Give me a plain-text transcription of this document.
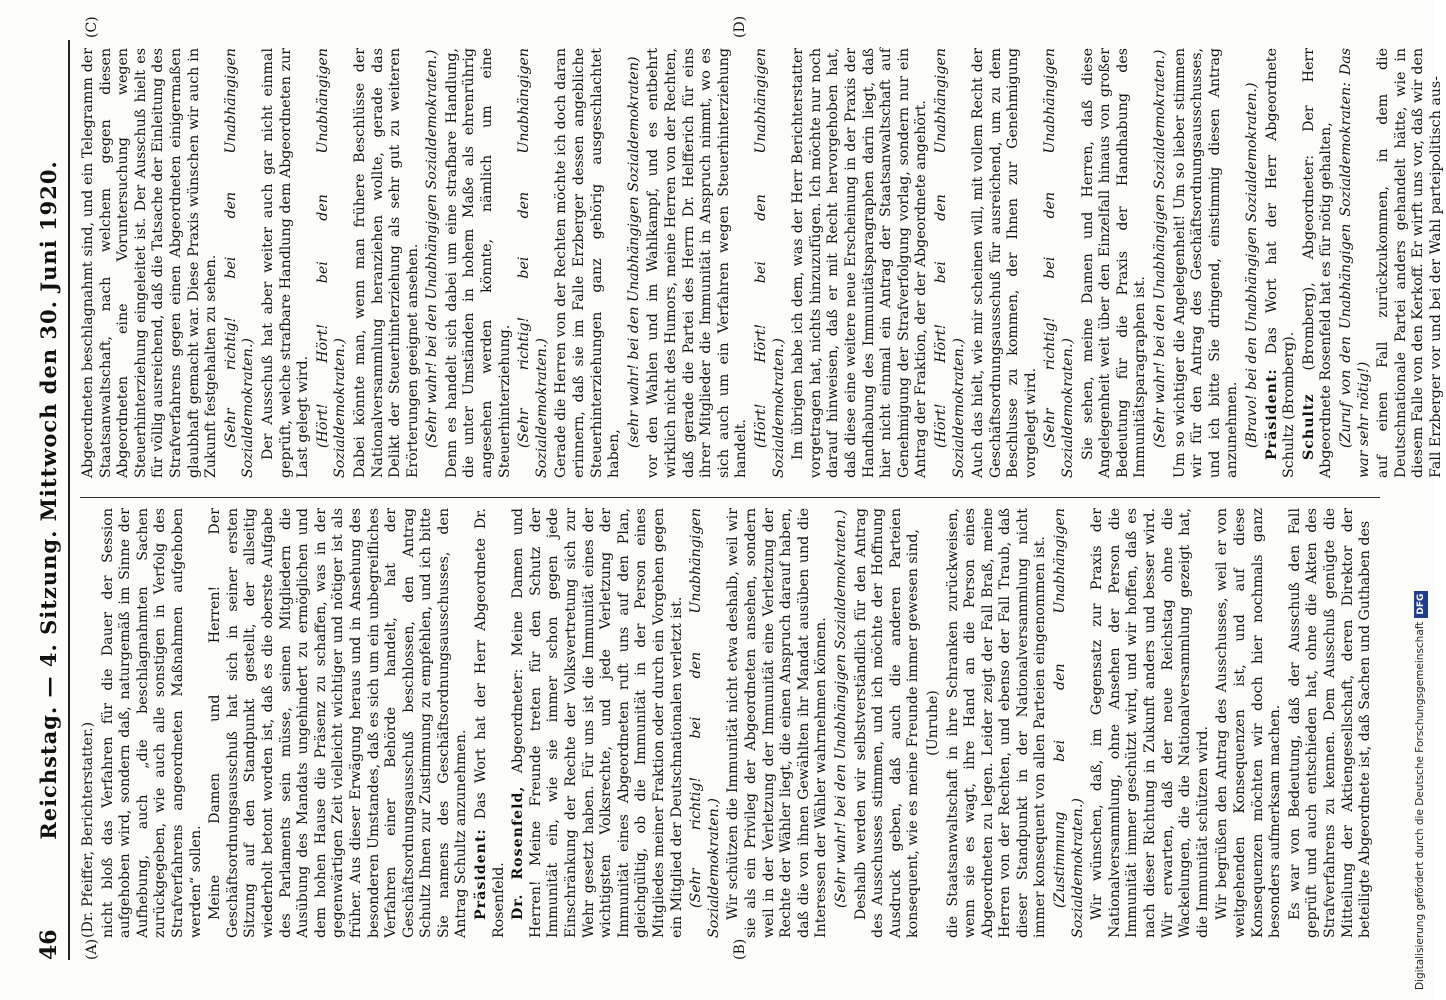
46
Reichstag. — 4. Sitzung. Mittwoch den 30. Juni 1920.
(A)	(B)
(C)	(D)

(Dr. Pfeiffer, Berichterstatter.) nicht bloß das Verfahren für die Dauer der Session aufgehoben wird, sondern daß, naturgemäß im Sinne der Aufhebung, auch „die beschlagnahmten Sachen zurückgegeben, wie auch alle sonstigen in Verfolg des Strafverfahrens angeordneten Maßnahmen aufgehoben werden“ sollen. Meine Damen und Herren! Der Geschäftsordnungsausschuß hat sich in seiner ersten Sitzung auf den Standpunkt gestellt, der allseitig wiederholt betont worden ist, daß es die oberste Aufgabe des Parlaments sein müsse, seinen Mitgliedern die Ausübung des Mandats ungehindert zu ermöglichen und dem hohen Hause die Präsenz zu schaffen, was in der gegenwärtigen Zeit vielleicht wichtiger und nötiger ist als früher. Aus dieser Erwägung heraus und in Ansehung des besonderen Umstandes, daß es sich um ein unbegreifliches Verfahren einer Behörde handelt, hat der Geschäftsordnungsausschuß beschlossen, den Antrag Schultz Ihnen zur Zustimmung zu empfehlen, und ich bitte Sie namens des Geschäftsordnungsausschusses, den Antrag Schultz anzunehmen. Präsident: Das Wort hat der Herr Abgeordnete Dr. Rosenfeld. Dr. Rosenfeld, Abgeordneter: Meine Damen und Herren! Meine Freunde treten für den Schutz der Immunität ein, wie sie immer schon gegen jede Einschränkung der Rechte der Volksvertretung sich zur Wehr gesetzt haben. Für uns ist die Immunität eines der wichtigsten Volksrechte, und jede Verletzung der Immunität eines Abgeordneten ruft uns auf den Plan, gleichgültig, ob die Immunität in der Person eines Mitgliedes meiner Fraktion oder durch ein Vorgehen gegen ein Mitglied der Deutschnationalen verletzt ist. (Sehr richtig! bei den Unabhängigen Sozialdemokraten.) Wir schützen die Immunität nicht etwa deshalb, weil wir sie als ein Privileg der Abgeordneten ansehen, sondern weil in der Verletzung der Immunität eine Verletzung der Rechte der Wähler liegt, die einen Anspruch darauf haben, daß die von ihnen Gewählten ihr Mandat ausüben und die Interessen der Wähler wahrnehmen können. (Sehr wahr! bei den Unabhängigen Sozialdemokraten.) Deshalb werden wir selbstverständlich für den Antrag des Ausschusses stimmen, und ich möchte der Hoffnung Ausdruck geben, daß auch die anderen Parteien konsequent, wie es meine Freunde immer gewesen sind, (Unruhe) die Staatsanwaltschaft in ihre Schranken zurückweisen, wenn sie es wagt, ihre Hand an die Person eines Abgeordneten zu legen. Leider zeigt der Fall Braß, meine Herren von der Rechten, und ebenso der Fall Traub, daß dieser Standpunkt in der Nationalversammlung nicht immer konsequent von allen Parteien eingenommen ist. (Zustimmung bei den Unabhängigen Sozialdemokraten.) Wir wünschen, daß, im Gegensatz zur Praxis der Nationalversammlung, ohne Ansehen der Person die Immunität immer geschützt wird, und wir hoffen, daß es nach dieser Richtung in Zukunft anders und besser wird. Wir erwarten, daß der neue Reichstag ohne die Wackelungen, die die Nationalversammlung gezeigt hat, die Immunität schützen wird. Wir begrüßen den Antrag des Ausschusses, weil er von weitgehenden Konsequenzen ist, und auf diese Konsequenzen möchten wir doch hier nochmals ganz besonders aufmerksam machen. Es war von Bedeutung, daß der Ausschuß den Fall geprüft und auch entschieden hat, ohne die Akten des Strafverfahrens zu kennen. Dem Ausschuß genügte die Mitteilung der Aktiengesellschaft, deren Direktor der beteiligte Abgeordnete ist, daß Sachen und Guthaben des

Abgeordneten beschlagnahmt sind, und ein Telegramm der Staatsanwaltschaft, nach welchem gegen diesen Abgeordneten eine Voruntersuchung wegen Steuerhinterziehung eingeleitet ist. Der Ausschuß hielt es für völlig ausreichend, daß die Tatsache der Einleitung des Strafverfahrens gegen einen Abgeordneten einigermaßen glaubhaft gemacht war. Diese Praxis wünschen wir auch in Zukunft festgehalten zu sehen. (Sehr richtig! bei den Unabhängigen Sozialdemokraten.) Der Ausschuß hat aber weiter auch gar nicht einmal geprüft, welche strafbare Handlung dem Abgeordneten zur Last gelegt wird. (Hört! Hört! bei den Unabhängigen Sozialdemokraten.) Dabei könnte man, wenn man frühere Beschlüsse der Nationalversammlung heranziehen wollte, gerade das Delikt der Steuerhinterziehung als sehr gut zu weiteren Erörterungen geeignet ansehen. (Sehr wahr! bei den Unabhängigen Sozialdemokraten.) Denn es handelt sich dabei um eine strafbare Handlung, die unter Umständen in hohem Maße als ehrenrührig angesehen werden könnte, nämlich um eine Steuerhinterziehung. (Sehr richtig! bei den Unabhängigen Sozialdemokraten.) Gerade die Herren von der Rechten möchte ich doch daran erinnern, daß sie im Falle Erzberger dessen angebliche Steuerhinterziehungen ganz gehörig ausgeschlachtet haben,

(sehr wahr! bei den Unabhängigen Sozialdemokraten) vor den Wahlen und im Wahlkampf, und es entbehrt wirklich nicht des Humors, meine Herren von der Rechten, daß gerade die Partei des Herrn Dr. Helfferich für eins ihrer Mitglieder die Immunität in Anspruch nimmt, wo es sich auch um ein Verfahren wegen Steuerhinterziehung handelt.

(Hört! Hört! bei den Unabhängigen Sozialdemokraten.) Im übrigen habe ich dem, was der Herr Berichterstatter vorgetragen hat, nichts hinzuzufügen. Ich möchte nur noch darauf hinweisen, daß er mit Recht hervorgehoben hat, daß diese eine weitere neue Erscheinung in der Praxis der Handhabung des Immunitätsparagraphen darin liegt, daß hier nicht einmal ein Antrag der Staatsanwaltschaft auf Genehmigung der Strafverfolgung vorlag, sondern nur ein Antrag der Fraktion, der der Abgeordnete angehört. (Hört! Hört! bei den Unabhängigen Sozialdemokraten.) Auch das hielt, wie mir scheinen will, mit vollem Recht der Geschäftsordnungsausschuß für ausreichend, um zu dem Beschlusse zu kommen, der Ihnen zur Genehmigung vorgelegt wird. (Sehr richtig! bei den Unabhängigen Sozialdemokraten.) Sie sehen, meine Damen und Herren, daß diese Angelegenheit weit über den Einzelfall hinaus von großer Bedeutung für die Praxis der Handhabung des Immunitätsparagraphen ist. (Sehr wahr! bei den Unabhängigen Sozialdemokraten.) Um so wichtiger die Angelegenheit! Um so lieber stimmen wir für den Antrag des Geschäftsordnungsausschusses, und ich bitte Sie dringend, einstimmig diesen Antrag anzunehmen. (Bravo! bei den Unabhängigen Sozialdemokraten.) Präsident: Das Wort hat der Herr Abgeordnete Schultz (Bromberg). Schultz (Bromberg), Abgeordneter: Der Herr Abgeordnete Rosenfeld hat es für nötig gehalten, (Zuruf von den Unabhängigen Sozialdemokraten: Das war sehr nötig!) auf einen Fall zurückzukommen, in dem die Deutschnationale Partei anders gehandelt hätte, wie in diesem Falle von den Kerkoff. Er wirft uns vor, daß wir den Fall Erzberger vor und bei der Wahl parteipolitisch aus-

Digitalisierung gefördert durch die Deutsche ForschungsgemeinschaftDFG
